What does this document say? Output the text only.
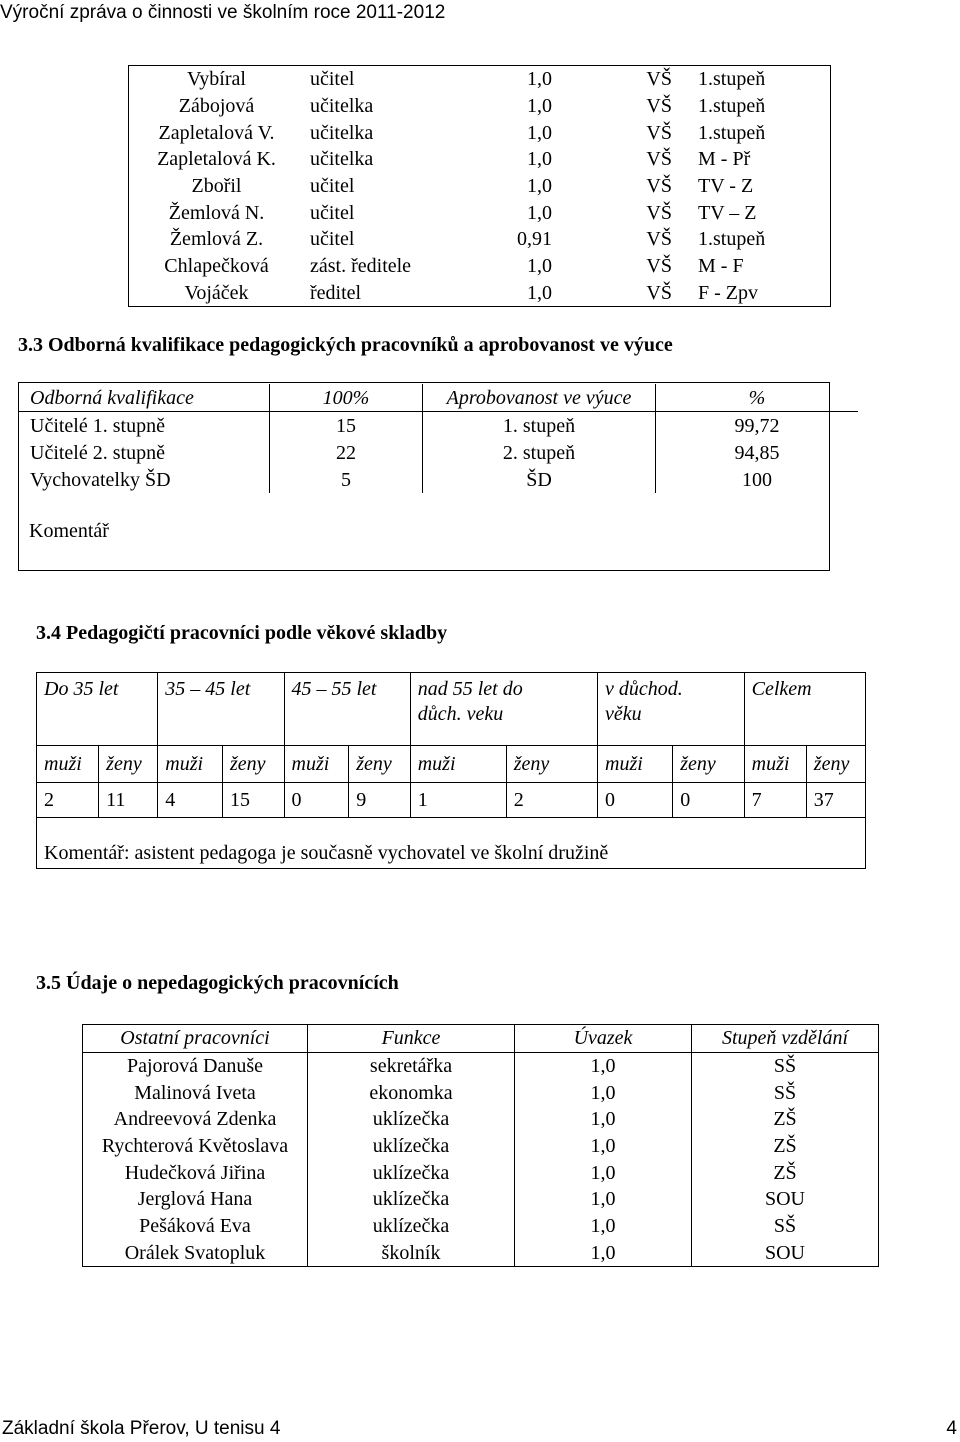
Výroční zpráva o činnosti ve školním roce 2011-2012
Vybíral	učitel	1,0	VŠ	1.stupeň
Zábojová	učitelka	1,0	VŠ	1.stupeň
Zapletalová V.	učitelka	1,0	VŠ	1.stupeň
Zapletalová K.	učitelka	1,0	VŠ	M - Př
Zbořil	učitel	1,0	VŠ	TV - Z
Žemlová N.	učitel	1,0	VŠ	TV – Z
Žemlová Z.	učitel	0,91	VŠ	1.stupeň
Chlapečková	zást. ředitele	1,0	VŠ	M - F
Vojáček	ředitel	1,0	VŠ	F - Zpv
3.3 Odborná kvalifikace pedagogických pracovníků a aprobovanost ve výuce
Odborná kvalifikace	100%	Aprobovanost ve výuce	%
Učitelé 1. stupně	15	1. stupeň	99,72
Učitelé 2. stupně	22	2. stupeň	94,85
Vychovatelky ŠD	5	ŠD	100
Komentář
3.4 Pedagogičtí pracovníci podle věkové skladby
Do 35 let		35 – 45 let		45 – 55 let		nad 55 let do důch. veku		v důchod. věku		Celkem	
muži	ženy	muži	ženy	muži	ženy	muži	ženy	muži	ženy	muži	ženy
2	11	4	15	0	9	1	2	0	0	7	37
Komentář: asistent pedagoga je současně vychovatel ve školní družině											
3.5 Údaje o nepedagogických pracovnících
Ostatní pracovníci	Funkce	Úvazek	Stupeň vzdělání
Pajorová Danuše	sekretářka	1,0	SŠ
Malinová Iveta	ekonomka	1,0	SŠ
Andreevová Zdenka	uklízečka	1,0	ZŠ
Rychterová Květoslava	uklízečka	1,0	ZŠ
Hudečková Jiřina	uklízečka	1,0	ZŠ
Jerglová Hana	uklízečka	1,0	SOU
Pešáková Eva	uklízečka	1,0	SŠ
Orálek Svatopluk	školník	1,0	SOU
Základní škola Přerov, U tenisu 4	4
